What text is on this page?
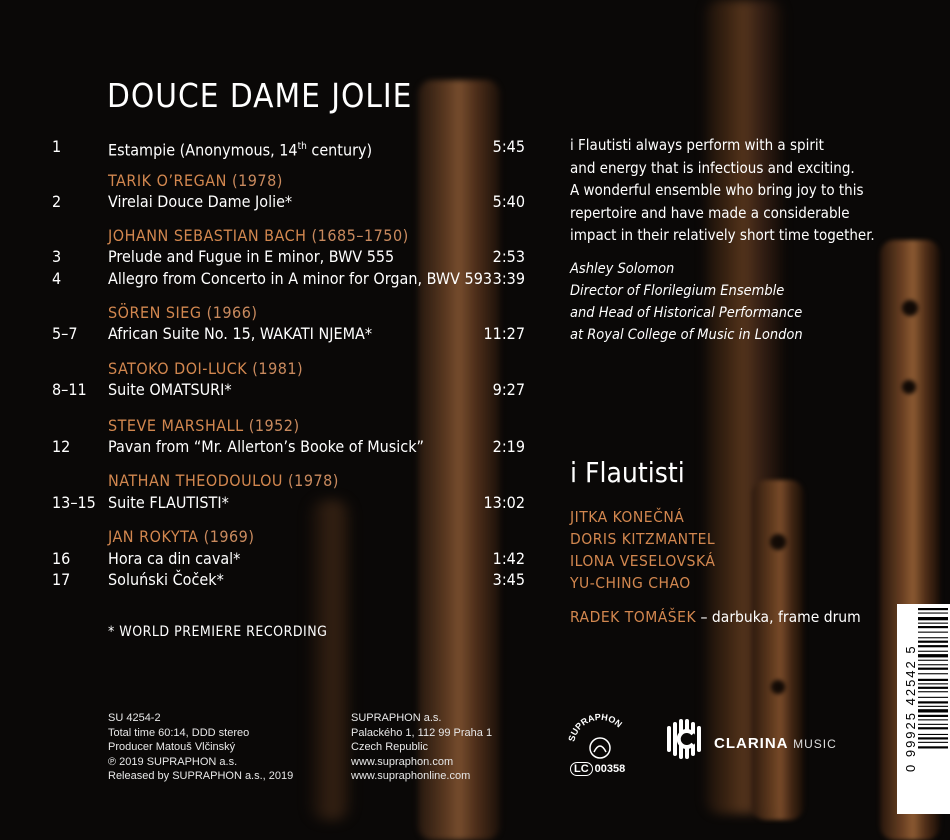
DOUCE DAME JOLIE
1	Estampie (Anonymous, 14th century)	5:45
TARIK O’REGAN (1978)
2	Virelai Douce Dame Jolie*	5:40
JOHANN SEBASTIAN BACH (1685–1750)
3	Prelude and Fugue in E minor, BWV 555	2:53
4	Allegro from Concerto in A minor for Organ, BWV 593 3:39
SÖREN SIEG (1966)
5–7	African Suite No. 15, WAKATI NJEMA*	11:27
SATOKO DOI-LUCK (1981)
8–11	Suite OMATSURI*	9:27
STEVE MARSHALL (1952)
12	Pavan from “Mr. Allerton’s Booke of Musick”	2:19
NATHAN THEODOULOU (1978)
13–15 Suite FLAUTISTI*	13:02
JAN ROKYTA (1969)
16	Hora ca din caval*	1:42
17	Soluński Čoček*	3:45
* WORLD PREMIERE RECORDING
SU 4254-2
Total time 60:14, DDD stereo
Producer Matouš Vlčinský
℗ 2019 SUPRAPHON a.s.
Released by SUPRAPHON a.s., 2019
SUPRAPHON a.s.
Palackého 1, 112 99 Praha 1
Czech Republic
www.supraphon.com
www.supraphonline.com
i Flautisti always perform with a spirit
and energy that is infectious and exciting.
A wonderful ensemble who bring joy to this
repertoire and have made a considerable
impact in their relatively short time together.
Ashley Solomon
Director of Florilegium Ensemble
and Head of Historical Performance
at Royal College of Music in London
i Flautisti
JITKA KONEČNÁ
DORIS KITZMANTEL
ILONA VESELOVSKÁ
YU-CHING CHAO
RADEK TOMÁŠEK – darbuka, frame drum
UPRAPHON
LC 00358
CLARINA MUSIC	0 99925 42542 5
